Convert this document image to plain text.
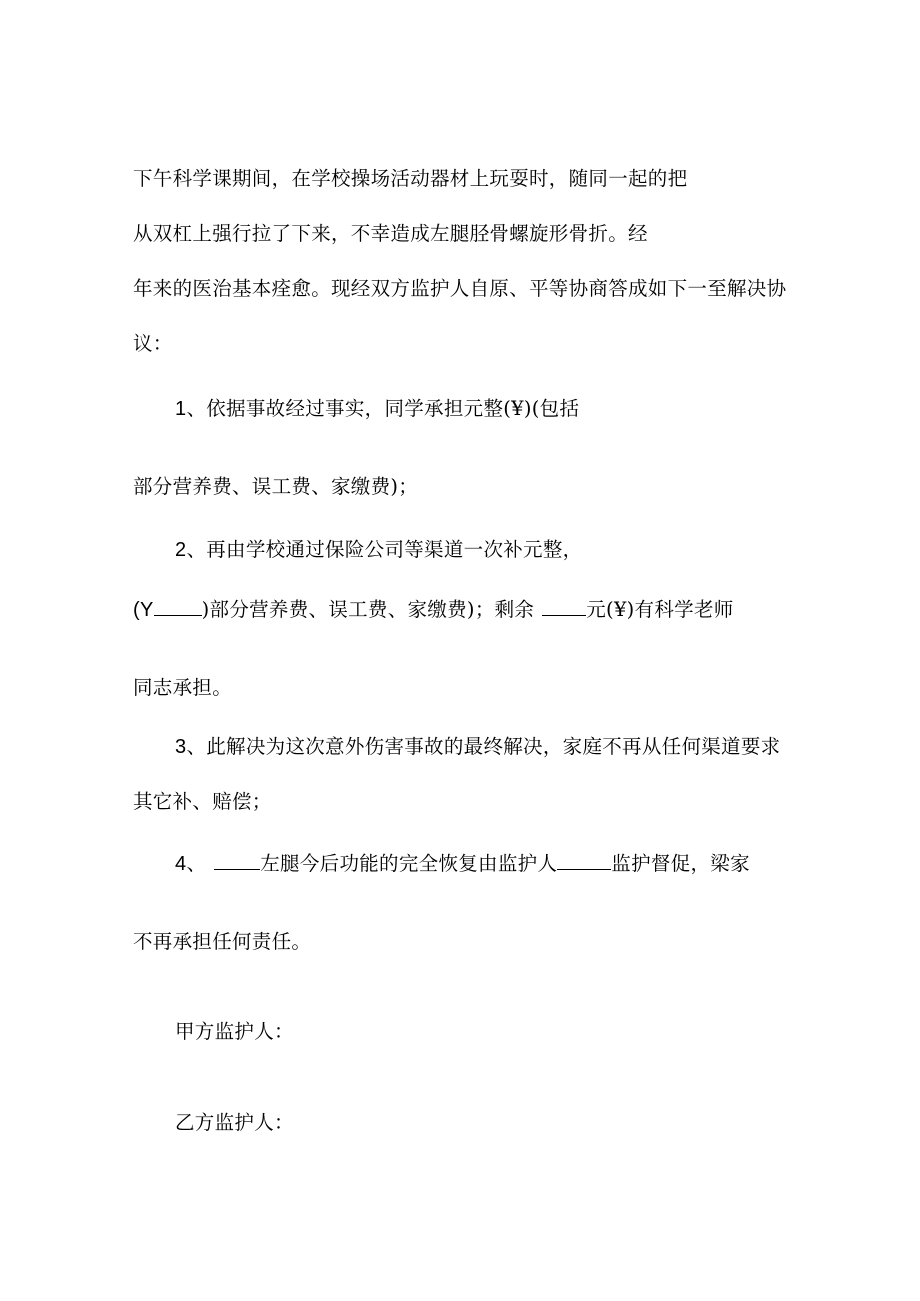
下午科学课期间，在学校操场活动器材上玩耍时，随同一起的把
从双杠上强行拉了下来，不幸造成左腿胫骨螺旋形骨折。经
年来的医治基本痊愈。现经双方监护人自原、平等协商答成如下一至解决协
议：
1、依据事故经过事实，同学承担元整(¥)(包括
部分营养费、误工费、家缴费)；
2、再由学校通过保险公司等渠道一次补元整，
(Y )部分营养费、误工费、家缴费)；剩余	元(¥)有科学老师
同志承担。
3、此解决为这次意外伤害事故的最终解决，家庭不再从任何渠道要求
其它补、赔偿；
4、	左腿今后功能的完全恢复由监护人	监护督促，梁家
不再承担任何责任。
甲方监护人：
乙方监护人：
